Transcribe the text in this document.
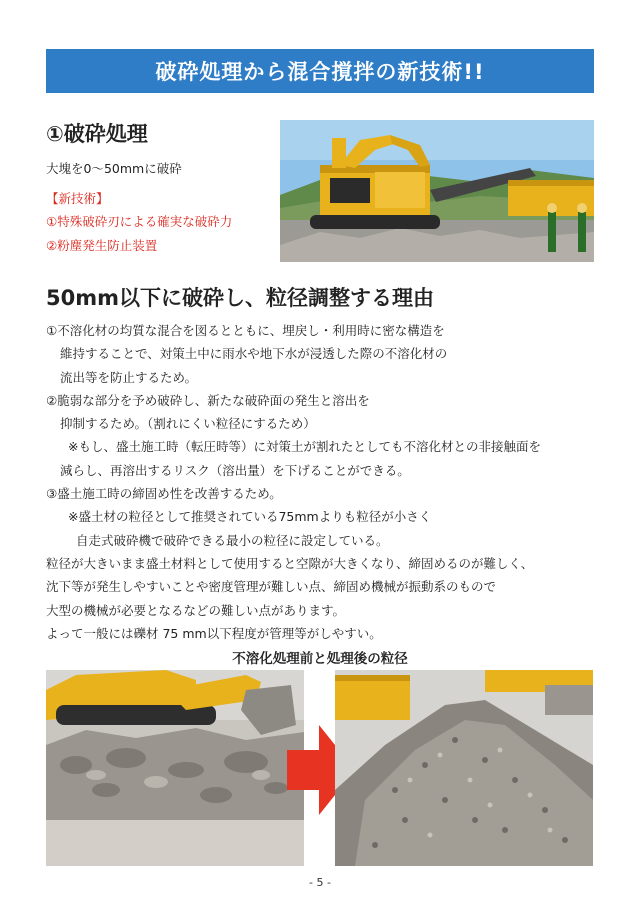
破砕処理から混合撹拌の新技術!!
①破砕処理
大塊を0〜50mmに破砕
【新技術】
①特殊破砕刃による確実な破砕力
②粉塵発生防止装置
50mm以下に破砕し、粒径調整する理由
①不溶化材の均質な混合を図るとともに、埋戻し・利用時に密な構造を
維持することで、対策土中に雨水や地下水が浸透した際の不溶化材の
流出等を防止するため。
②脆弱な部分を予め破砕し、新たな破砕面の発生と溶出を
抑制するため。（割れにくい粒径にするため）
※もし、盛土施工時（転圧時等）に対策土が割れたとしても不溶化材との非接触面を
減らし、再溶出するリスク（溶出量）を下げることができる。
③盛土施工時の締固め性を改善するため。
※盛土材の粒径として推奨されている75mmよりも粒径が小さく
自走式破砕機で破砕できる最小の粒径に設定している。
粒径が大きいまま盛土材料として使用すると空隙が大きくなり、締固めるのが難しく、
沈下等が発生しやすいことや密度管理が難しい点、締固め機械が振動系のもので
大型の機械が必要となるなどの難しい点があります。
よって一般には礫材 75 mm以下程度が管理等がしやすい。
不溶化処理前と処理後の粒径
- 5 -
